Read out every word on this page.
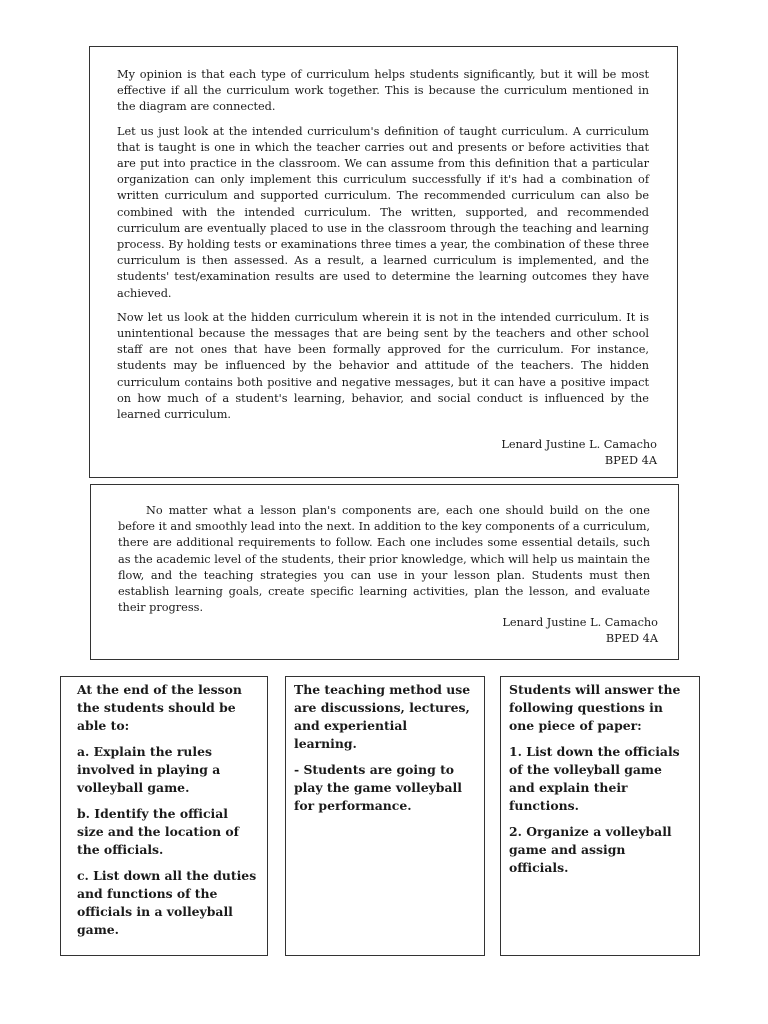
My opinion is that each type of curriculum helps students significantly, but it will be most effective if all the curriculum work together. This is because the curriculum mentioned in the diagram are connected.

Let us just look at the intended curriculum's definition of taught curriculum. A curriculum that is taught is one in which the teacher carries out and presents or before activities that are put into practice in the classroom. We can assume from this definition that a particular organization can only implement this curriculum successfully if it's had a combination of written curriculum and supported curriculum. The recommended curriculum can also be combined with the intended curriculum. The written, supported, and recommended curriculum are eventually placed to use in the classroom through the teaching and learning process. By holding tests or examinations three times a year, the combination of these three curriculum is then assessed. As a result, a learned curriculum is implemented, and the students' test/examination results are used to determine the learning outcomes they have achieved.

Now let us look at the hidden curriculum wherein it is not in the intended curriculum. It is unintentional because the messages that are being sent by the teachers and other school staff are not ones that have been formally approved for the curriculum. For instance, students may be influenced by the behavior and attitude of the teachers. The hidden curriculum contains both positive and negative messages, but it can have a positive impact on how much of a student's learning, behavior, and social conduct is influenced by the learned curriculum.

Lenard Justine L. Camacho
BPED 4A

No matter what a lesson plan's components are, each one should build on the one before it and smoothly lead into the next. In addition to the key components of a curriculum, there are additional requirements to follow. Each one includes some essential details, such as the academic level of the students, their prior knowledge, which will help us maintain the flow, and the teaching strategies you can use in your lesson plan. Students must then establish learning goals, create specific learning activities, plan the lesson, and evaluate their progress.

Lenard Justine L. Camacho
BPED 4A

At the end of the lesson the students should be able to:

a. Explain the rules involved in playing a volleyball game.

b. Identify the official size and the location of the officials.

c. List down all the duties and functions of the officials in a volleyball game.

The teaching method use are discussions, lectures, and experiential learning.

- Students are going to play the game volleyball for performance.

Students will answer the following questions in one piece of paper:

1. List down the officials of the volleyball game and explain their functions.

2. Organize a volleyball game and assign officials.
